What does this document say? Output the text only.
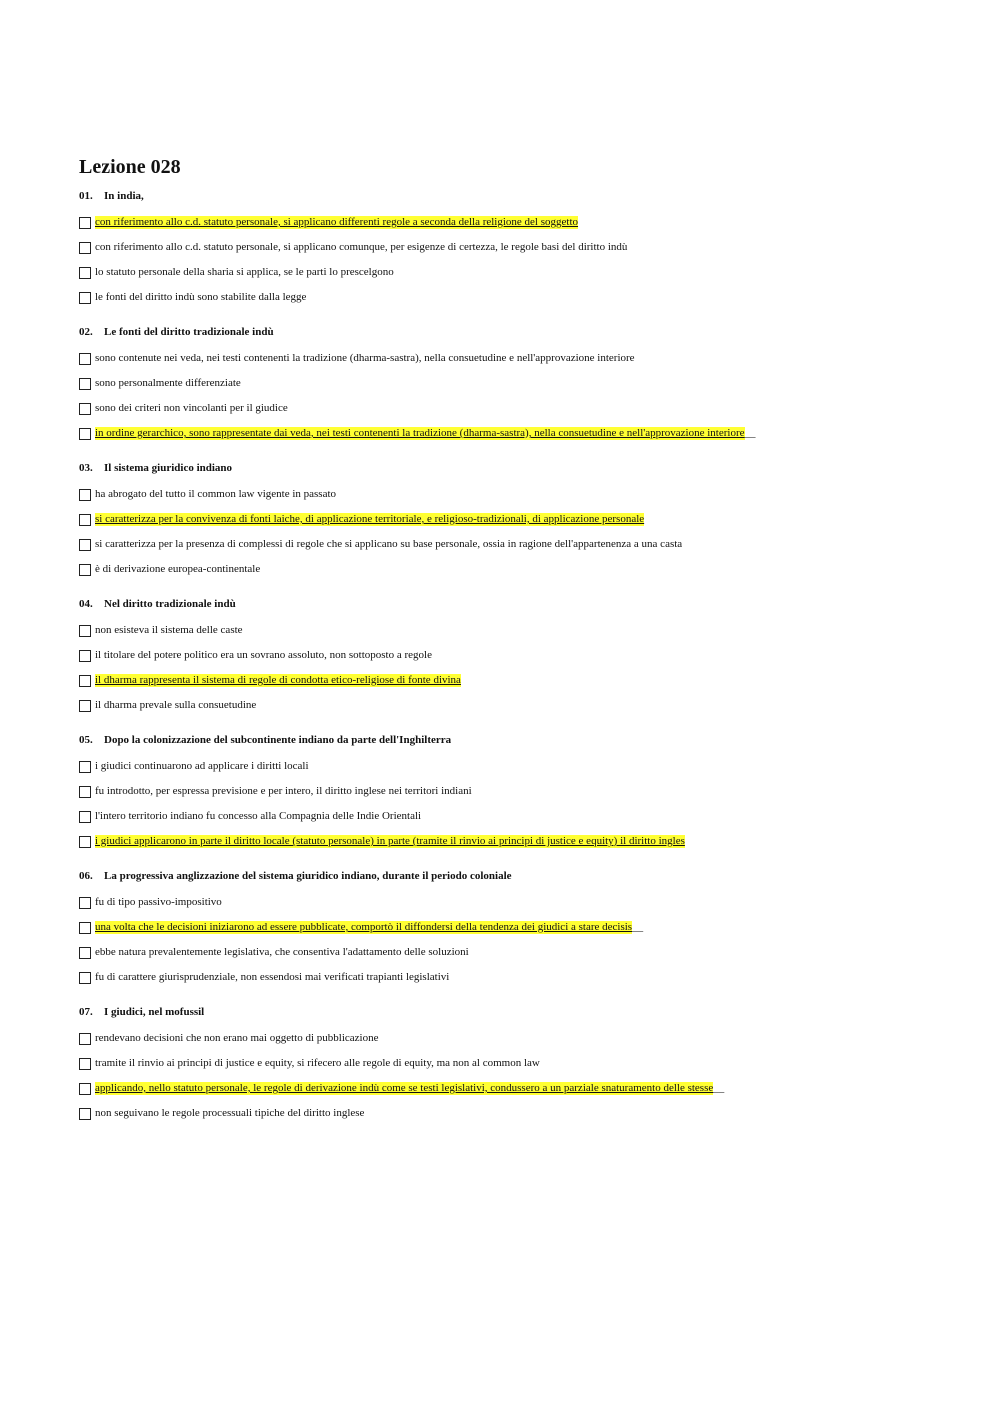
Lezione 028
01. In india,
con riferimento allo c.d. statuto personale, si applicano differenti regole a seconda della religione del soggetto
con riferimento allo c.d. statuto personale, si applicano comunque, per esigenze di certezza, le regole basi del diritto indù
lo statuto personale della sharia si applica, se le parti lo prescelgono
le fonti del diritto indù sono stabilite dalla legge
02. Le fonti del diritto tradizionale indù
sono contenute nei veda, nei testi contenenti la tradizione (dharma-sastra), nella consuetudine e nell'approvazione interiore
sono personalmente differenziate
sono dei criteri non vincolanti per il giudice
in ordine gerarchico, sono rappresentate dai veda, nei testi contenenti la tradizione (dharma-sastra), nella consuetudine e nell'approvazione interiore __
03. Il sistema giuridico indiano
ha abrogato del tutto il common law vigente in passato
si caratterizza per la convivenza di fonti laiche, di applicazione territoriale, e religioso-tradizionali, di applicazione personale
si caratterizza per la presenza di complessi di regole che si applicano su base personale, ossia in ragione dell'appartenenza a una casta
è di derivazione europea-continentale
04. Nel diritto tradizionale indù
non esisteva il sistema delle caste
il titolare del potere politico era un sovrano assoluto, non sottoposto a regole
il dharma rappresenta il sistema di regole di condotta etico-religiose di fonte divina
il dharma prevale sulla consuetudine
05. Dopo la colonizzazione del subcontinente indiano da parte dell'Inghilterra
i giudici continuarono ad applicare i diritti locali
fu introdotto, per espressa previsione e per intero, il diritto inglese nei territori indiani
l'intero territorio indiano fu concesso alla Compagnia delle Indie Orientali
i giudici applicarono in parte il diritto locale (statuto personale) in parte (tramite il rinvio ai principi di justice e equity) il diritto ingles
06. La progressiva anglizzazione del sistema giuridico indiano, durante il periodo coloniale
fu di tipo passivo-impositivo
una volta che le decisioni iniziarono ad essere pubblicate, comportò il diffondersi della tendenza dei giudici a stare decisis __
ebbe natura prevalentemente legislativa, che consentiva l'adattamento delle soluzioni
fu di carattere giurisprudenziale, non essendosi mai verificati trapianti legislativi
07. I giudici, nel mofussil
rendevano decisioni che non erano mai oggetto di pubblicazione
tramite il rinvio ai principi di justice e equity, si rifecero alle regole di equity, ma non al common law
applicando, nello statuto personale, le regole di derivazione indù come se testi legislativi, condussero a un parziale snaturamento delle stesse __
non seguivano le regole processuali tipiche del diritto inglese
